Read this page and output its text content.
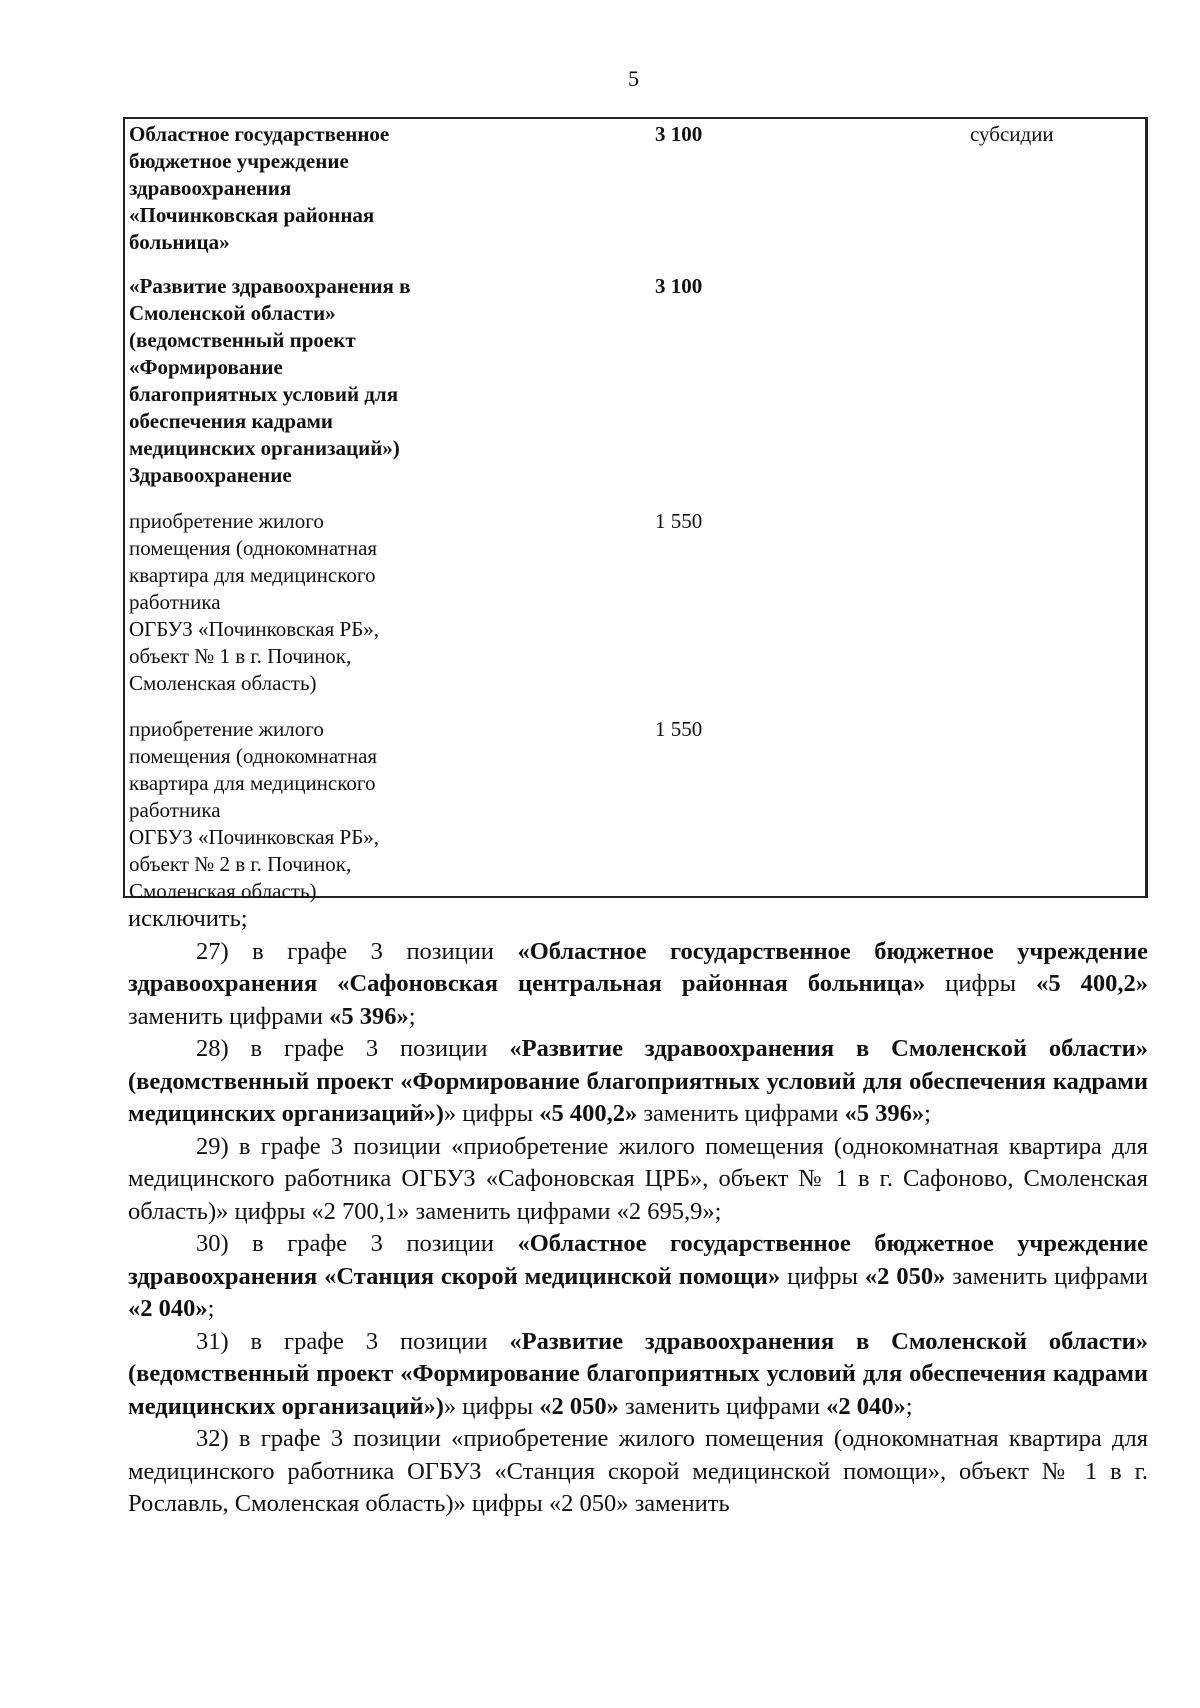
5
Областное государственное
бюджетное учреждение
здравоохранения
«Починковская районная
больница»
3 100	субсидии
«Развитие здравоохранения в
Смоленской области»
(ведомственный проект
«Формирование
благоприятных условий для
обеспечения кадрами
медицинских организаций»)
Здравоохранение
3 100
приобретение жилого
помещения (однокомнатная
квартира для медицинского
работника
ОГБУЗ «Починковская РБ»,
объект № 1 в г. Починок,
Смоленская область)
1 550
приобретение жилого
помещения (однокомнатная
квартира для медицинского
работника
ОГБУЗ «Починковская РБ»,
объект № 2 в г. Починок,
Смоленская область)
1 550

исключить;

27) в графе 3 позиции «Областное государственное бюджетное учреждение здравоохранения «Сафоновская центральная районная больница» цифры «5 400,2» заменить цифрами «5 396»;

28) в графе 3 позиции «Развитие здравоохранения в Смоленской области» (ведомственный проект «Формирование благоприятных условий для обеспечения кадрами медицинских организаций»)» цифры «5 400,2» заменить цифрами «5 396»;

29) в графе 3 позиции «приобретение жилого помещения (однокомнатная квартира для медицинского работника ОГБУЗ «Сафоновская ЦРБ», объект № 1 в г. Сафоново, Смоленская область)» цифры «2 700,1» заменить цифрами «2 695,9»;

30) в графе 3 позиции «Областное государственное бюджетное учреждение здравоохранения «Станция скорой медицинской помощи» цифры «2 050» заменить цифрами «2 040»;

31) в графе 3 позиции «Развитие здравоохранения в Смоленской области» (ведомственный проект «Формирование благоприятных условий для обеспечения кадрами медицинских организаций»)» цифры «2 050» заменить цифрами «2 040»;

32) в графе 3 позиции «приобретение жилого помещения (однокомнатная квартира для медицинского работника ОГБУЗ «Станция скорой медицинской помощи», объект № 1 в г. Рославль, Смоленская область)» цифры «2 050» заменить
